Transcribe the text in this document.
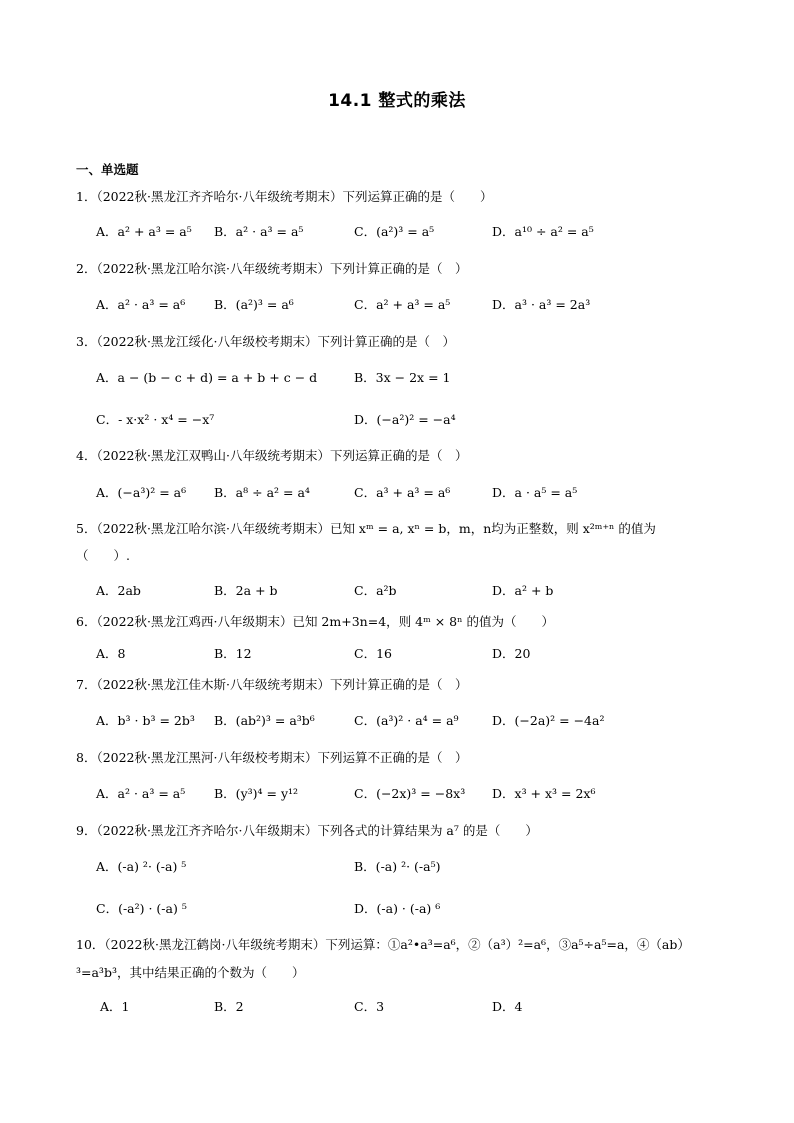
14.1 整式的乘法
一、单选题
1．（2022秋·黑龙江齐齐哈尔·八年级统考期末）下列运算正确的是（　　）
A．a² + a³ = a⁵ B．a² · a³ = a⁵	C．(a²)³ = a⁵	D．a¹⁰ ÷ a² = a⁵
2．（2022秋·黑龙江哈尔滨·八年级统考期末）下列计算正确的是（　）
A．a² · a³ = a⁶ B．(a²)³ = a⁶	C．a² + a³ = a⁵	D．a³ · a³ = 2a³
3．（2022秋·黑龙江绥化·八年级校考期末）下列计算正确的是（　）
A．a − (b − c + d) = a + b + c − d	B．3x − 2x = 1
C．- x·x² · x⁴ = −x⁷	D．(−a²)² = −a⁴
4．（2022秋·黑龙江双鸭山·八年级统考期末）下列运算正确的是（　）
A．(−a³)² = a⁶ B．a⁸ ÷ a² = a⁴	C．a³ + a³ = a⁶	D．a · a⁵ = a⁵
5．（2022秋·黑龙江哈尔滨·八年级统考期末）已知 xᵐ = a, xⁿ = b，m，n均为正整数，则 x²ᵐ⁺ⁿ 的值为
（　　）.
A．2ab	B．2a + b	C．a²b	D．a² + b
6．（2022秋·黑龙江鸡西·八年级期末）已知 2m+3n=4，则 4ᵐ × 8ⁿ 的值为（　　）
A．8	B．12	C．16	D．20
7．（2022秋·黑龙江佳木斯·八年级统考期末）下列计算正确的是（　）
A．b³ · b³ = 2b³ B．(ab²)³ = a³b⁶	C．(a³)² · a⁴ = a⁹	D．(−2a)² = −4a²
8．（2022秋·黑龙江黑河·八年级校考期末）下列运算不正确的是（　）
A．a² · a³ = a⁵ B．(y³)⁴ = y¹²	C．(−2x)³ = −8x³ D．x³ + x³ = 2x⁶
9．（2022秋·黑龙江齐齐哈尔·八年级期末）下列各式的计算结果为 a⁷ 的是（　　）
A．(-a) ²· (-a) ⁵	B．(-a) ²· (-a⁵)
C．(-a²) · (-a) ⁵	D．(-a) · (-a) ⁶
10．（2022秋·黑龙江鹤岗·八年级统考期末）下列运算：①a²•a³=a⁶，②（a³）²=a⁶，③a⁵÷a⁵=a，④（ab）
³=a³b³，其中结果正确的个数为（　　）
A．1	B．2	C．3	D．4
